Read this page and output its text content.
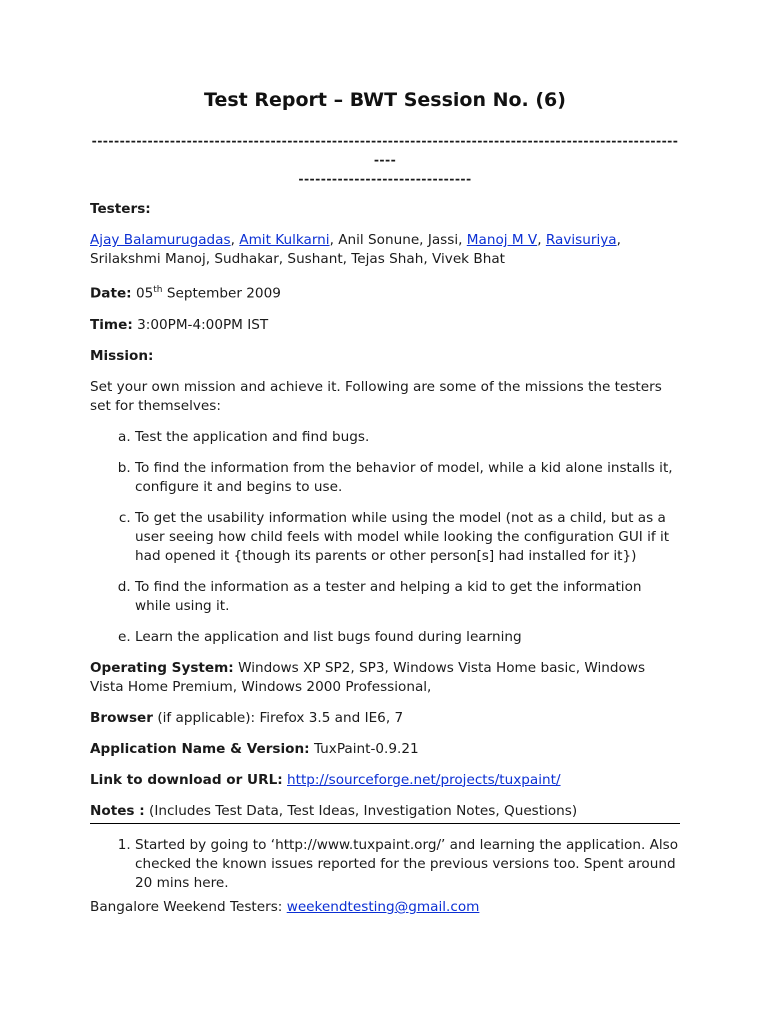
Test Report – BWT Session No. (6)
-------------------------------------------------------------------------------------------------------------
-------------------------------

Testers:

Ajay Balamurugadas, Amit Kulkarni, Anil Sonune, Jassi, Manoj M V, Ravisuriya, Srilakshmi Manoj, Sudhakar, Sushant, Tejas Shah, Vivek Bhat

Date: 05th September 2009

Time: 3:00PM-4:00PM IST

Mission:

Set your own mission and achieve it. Following are some of the missions the testers set for themselves:

a. Test the application and find bugs.
b. To find the information from the behavior of model, while a kid alone installs it, configure it and begins to use.
c. To get the usability information while using the model (not as a child, but as a user seeing how child feels with model while looking the configuration GUI if it had opened it {though its parents or other person[s] had installed for it})
d. To find the information as a tester and helping a kid to get the information while using it.
e. Learn the application and list bugs found during learning

Operating System: Windows XP SP2, SP3, Windows Vista Home basic, Windows Vista Home Premium, Windows 2000 Professional,

Browser (if applicable): Firefox 3.5 and IE6, 7

Application Name & Version: TuxPaint-0.9.21

Link to download or URL: http://sourceforge.net/projects/tuxpaint/

Notes : (Includes Test Data, Test Ideas, Investigation Notes, Questions)

1. Started by going to ‘http://www.tuxpaint.org/’ and learning the application. Also checked the known issues reported for the previous versions too. Spent around 20 mins here.
Bangalore Weekend Testers: weekendtesting@gmail.com
